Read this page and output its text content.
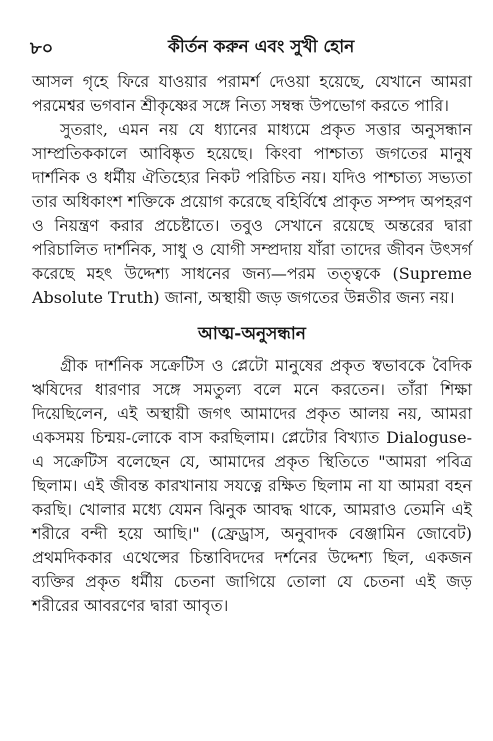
৮০	কীর্তন করুন এবং সুখী হোন

আসল গৃহে ফিরে যাওয়ার পরামর্শ দেওয়া হয়েছে, যেখানে আমরা পরমেশ্বর ভগবান শ্রীকৃষ্ণের সঙ্গে নিত্য সম্বন্ধ উপভোগ করতে পারি।

সুতরাং, এমন নয় যে ধ্যানের মাধ্যমে প্রকৃত সত্তার অনুসন্ধান সাম্প্রতিককালে আবিষ্কৃত হয়েছে। কিংবা পাশ্চাত্য জগতের মানুষ দার্শনিক ও ধর্মীয় ঐতিহ্যের নিকট পরিচিত নয়। যদিও পাশ্চাত্য সভ্যতা তার অধিকাংশ শক্তিকে প্রয়োগ করেছে বহির্বিশ্বে প্রাকৃত সম্পদ অপহরণ ও নিয়ন্ত্রণ করার প্রচেষ্টাতে। তবুও সেখানে রয়েছে অন্তরের দ্বারা পরিচালিত দার্শনিক, সাধু ও যোগী সম্প্রদায় যাঁরা তাদের জীবন উৎসর্গ করেছে মহৎ উদ্দেশ্য সাধনের জন্য—পরম তত্ত্বকে (Supreme Absolute Truth) জানা, অস্থায়ী জড় জগতের উন্নতীর জন্য নয়।

আত্ম-অনুসন্ধান

গ্রীক দার্শনিক সক্রেটিস ও প্লেটো মানুষের প্রকৃত স্বভাবকে বৈদিক ঋষিদের ধারণার সঙ্গে সমতুল্য বলে মনে করতেন। তাঁরা শিক্ষা দিয়েছিলেন, এই অস্থায়ী জগৎ আমাদের প্রকৃত আলয় নয়, আমরা একসময় চিন্ময়-লোকে বাস করছিলাম। প্লেটোর বিখ্যাত Dialoguse-এ সক্রেটিস বলেছেন যে, আমাদের প্রকৃত স্থিতিতে "আমরা পবিত্র ছিলাম। এই জীবন্ত কারখানায় সযত্নে রক্ষিত ছিলাম না যা আমরা বহন করছি। খোলার মধ্যে যেমন ঝিনুক আবদ্ধ থাকে, আমরাও তেমনি এই শরীরে বন্দী হয়ে আছি।" (ফ্রেড্রাস, অনুবাদক বেঞ্জামিন জোবেট) প্রথমদিককার এথেন্সের চিন্তাবিদদের দর্শনের উদ্দেশ্য ছিল, একজন ব্যক্তির প্রকৃত ধর্মীয় চেতনা জাগিয়ে তোলা যে চেতনা এই জড় শরীরের আবরণের দ্বারা আবৃত।
